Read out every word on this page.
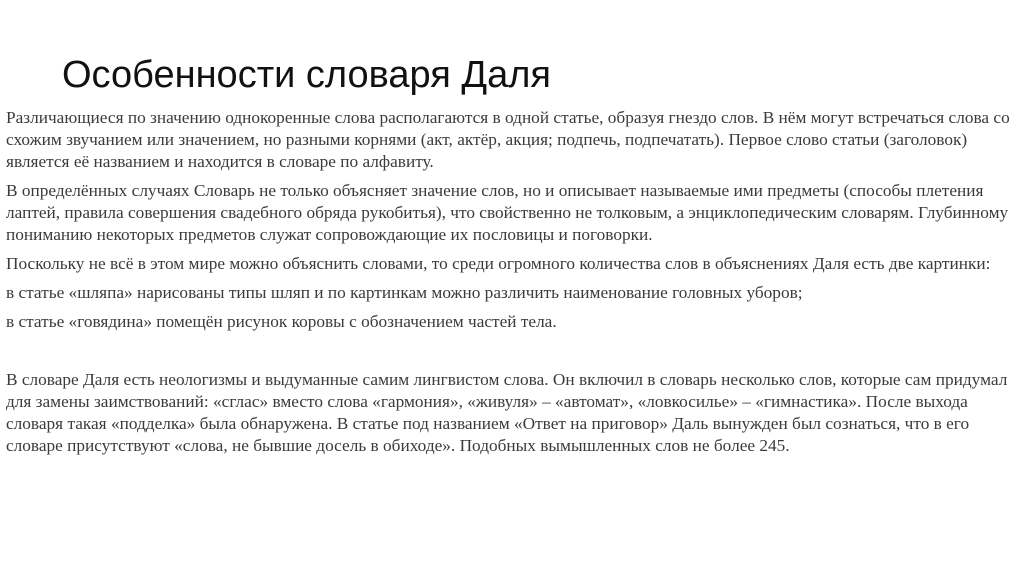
Особенности словаря Даля

Различающиеся по значению однокоренные слова располагаются в одной статье, образуя гнездо слов. В нём могут встречаться слова со схожим звучанием или значением, но разными корнями (акт, актёр, акция; подпечь, подпечатать). Первое слово статьи (заголовок) является её названием и находится в словаре по алфавиту.

В определённых случаях Словарь не только объясняет значение слов, но и описывает называемые ими предметы (способы плетения лаптей, правила совершения свадебного обряда рукобитья), что свойственно не толковым, а энциклопедическим словарям. Глубинному пониманию некоторых предметов служат сопровождающие их пословицы и поговорки.

Поскольку не всё в этом мире можно объяснить словами, то среди огромного количества слов в объяснениях Даля есть две картинки:

в статье «шляпа» нарисованы типы шляп и по картинкам можно различить наименование головных уборов;

в статье «говядина» помещён рисунок коровы с обозначением частей тела.

В словаре Даля есть неологизмы и выдуманные самим лингвистом слова. Он включил в словарь несколько слов, которые сам придумал для замены заимствований: «сглас» вместо слова «гармония», «живуля» – «автомат», «ловкосилье» – «гимнастика». После выхода словаря такая «подделка» была обнаружена. В статье под названием «Ответ на приговор» Даль вынужден был сознаться, что в его словаре присутствуют «слова, не бывшие досель в обиходе». Подобных вымышленных слов не более 245.
